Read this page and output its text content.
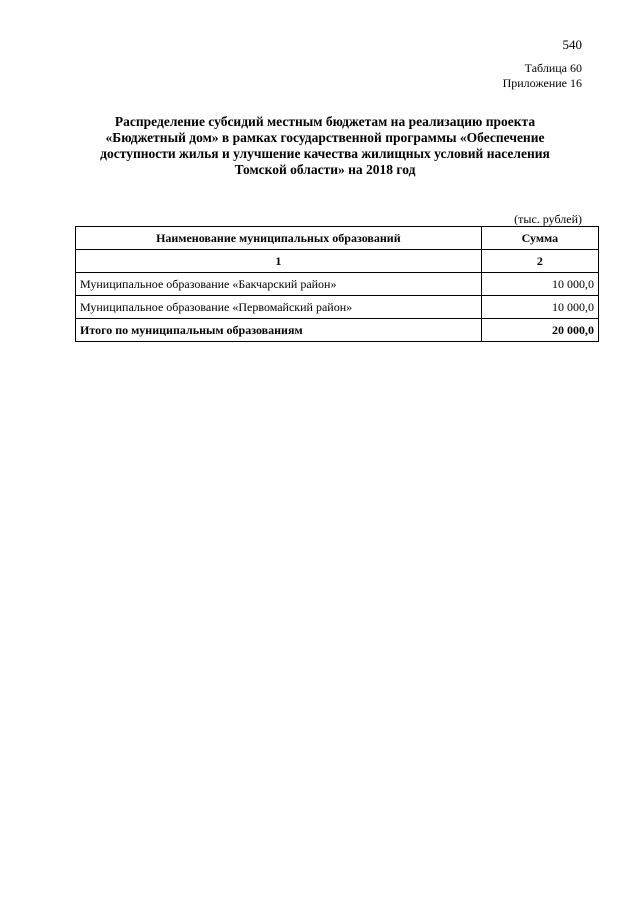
540
Таблица 60
Приложение 16
Распределение субсидий местным бюджетам на реализацию проекта
«Бюджетный дом» в рамках государственной программы «Обеспечение
доступности жилья и улучшение качества жилищных условий населения
Томской области» на 2018 год
(тыс. рублей)
Наименование муниципальных образований	Сумма
1	2
Муниципальное образование «Бакчарский район»	10 000,0
Муниципальное образование «Первомайский район»	10 000,0
Итого по муниципальным образованиям	20 000,0
